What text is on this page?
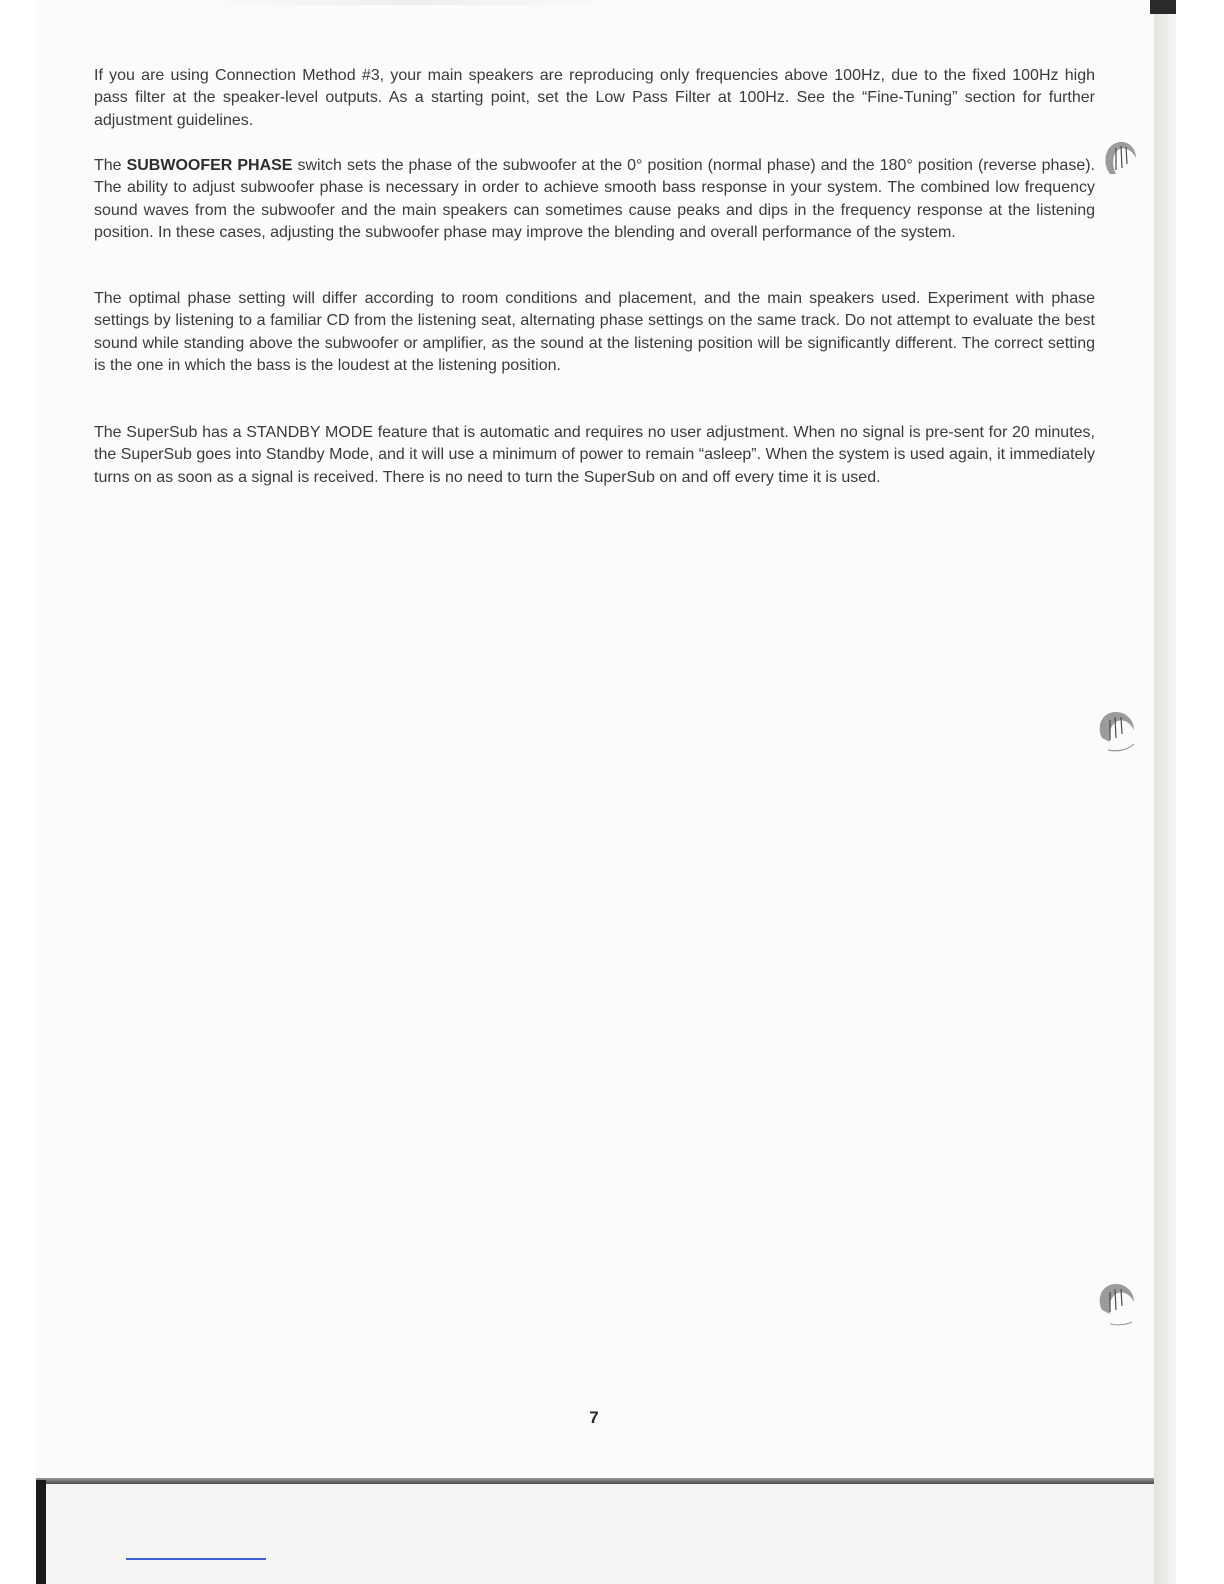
If you are using Connection Method #3, your main speakers are reproducing only frequencies above 100Hz, due to the fixed 100Hz high pass filter at the speaker-level outputs. As a starting point, set the Low Pass Filter at 100Hz. See the “Fine-Tuning” section for further adjustment guidelines.

The SUBWOOFER PHASE switch sets the phase of the subwoofer at the 0° position (normal phase) and the 180° position (reverse phase). The ability to adjust subwoofer phase is necessary in order to achieve smooth bass response in your system. The combined low frequency sound waves from the subwoofer and the main speakers can sometimes cause peaks and dips in the frequency response at the listening position. In these cases, adjusting the subwoofer phase may improve the blending and overall performance of the system.

The optimal phase setting will differ according to room conditions and placement, and the main speakers used. Experiment with phase settings by listening to a familiar CD from the listening seat, alternating phase settings on the same track. Do not attempt to evaluate the best sound while standing above the subwoofer or amplifier, as the sound at the listening position will be significantly different. The correct setting is the one in which the bass is the loudest at the listening position.

The SuperSub has a STANDBY MODE feature that is automatic and requires no user adjustment. When no signal is pre-sent for 20 minutes, the SuperSub goes into Standby Mode, and it will use a minimum of power to remain “asleep”. When the system is used again, it immediately turns on as soon as a signal is received. There is no need to turn the SuperSub on and off every time it is used.

7
